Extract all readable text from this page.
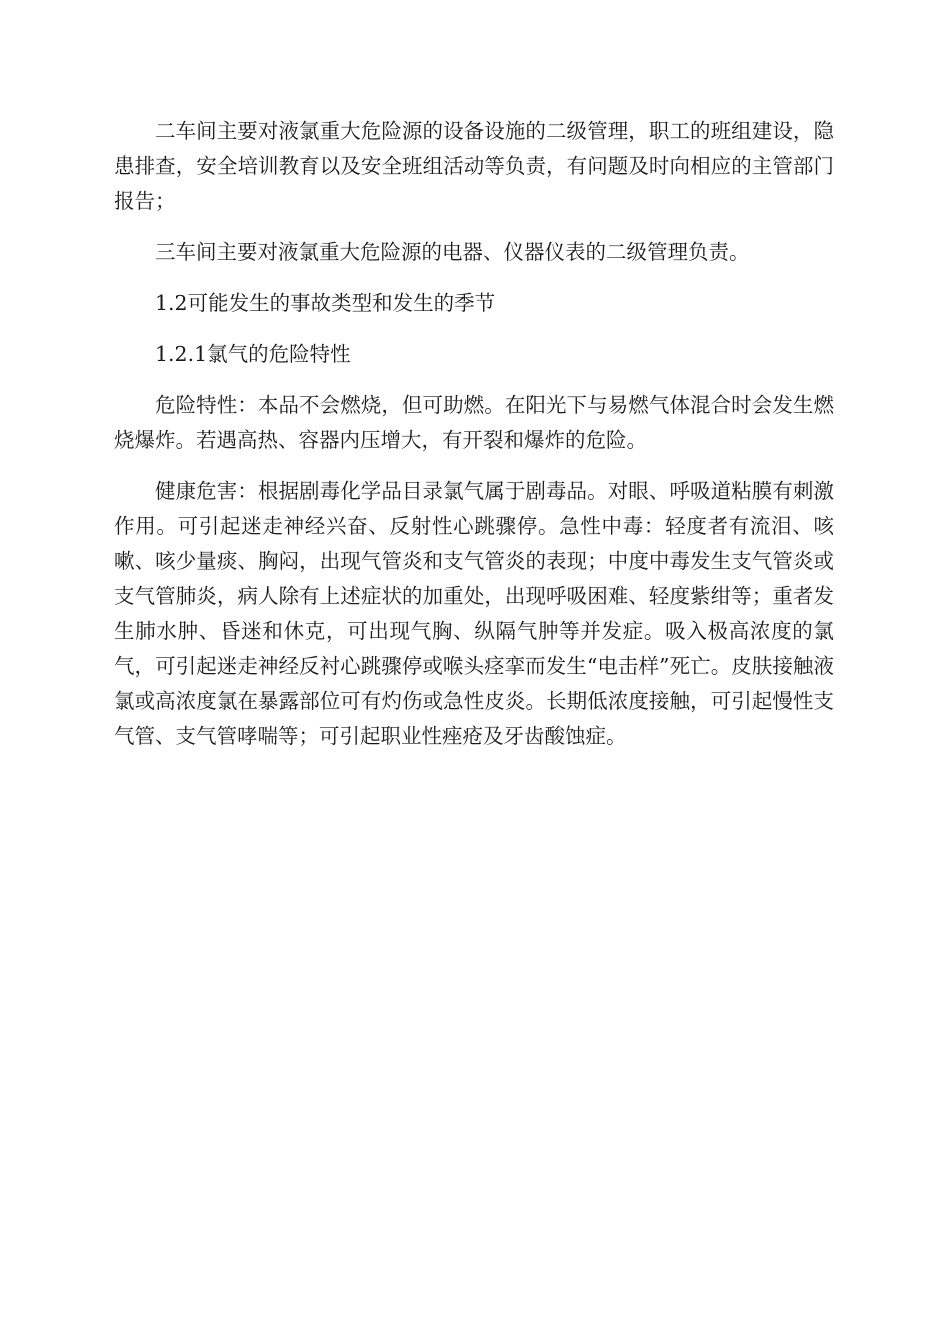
二车间主要对液氯重大危险源的设备设施的二级管理，职工的班组建设，隐患排查，安全培训教育以及安全班组活动等负责，有问题及时向相应的主管部门报告；

三车间主要对液氯重大危险源的电器、仪器仪表的二级管理负责。

1.2可能发生的事故类型和发生的季节

1.2.1氯气的危险特性

危险特性：本品不会燃烧，但可助燃。在阳光下与易燃气体混合时会发生燃烧爆炸。若遇高热、容器内压增大，有开裂和爆炸的危险。

健康危害：根据剧毒化学品目录氯气属于剧毒品。对眼、呼吸道粘膜有刺激作用。可引起迷走神经兴奋、反射性心跳骤停。急性中毒：轻度者有流泪、咳嗽、咳少量痰、胸闷，出现气管炎和支气管炎的表现；中度中毒发生支气管炎或支气管肺炎，病人除有上述症状的加重处，出现呼吸困难、轻度紫绀等；重者发生肺水肿、昏迷和休克，可出现气胸、纵隔气肿等并发症。吸入极高浓度的氯气，可引起迷走神经反衬心跳骤停或喉头痉挛而发生“电击样”死亡。皮肤接触液氯或高浓度氯在暴露部位可有灼伤或急性皮炎。长期低浓度接触，可引起慢性支气管、支气管哮喘等；可引起职业性痤疮及牙齿酸蚀症。
